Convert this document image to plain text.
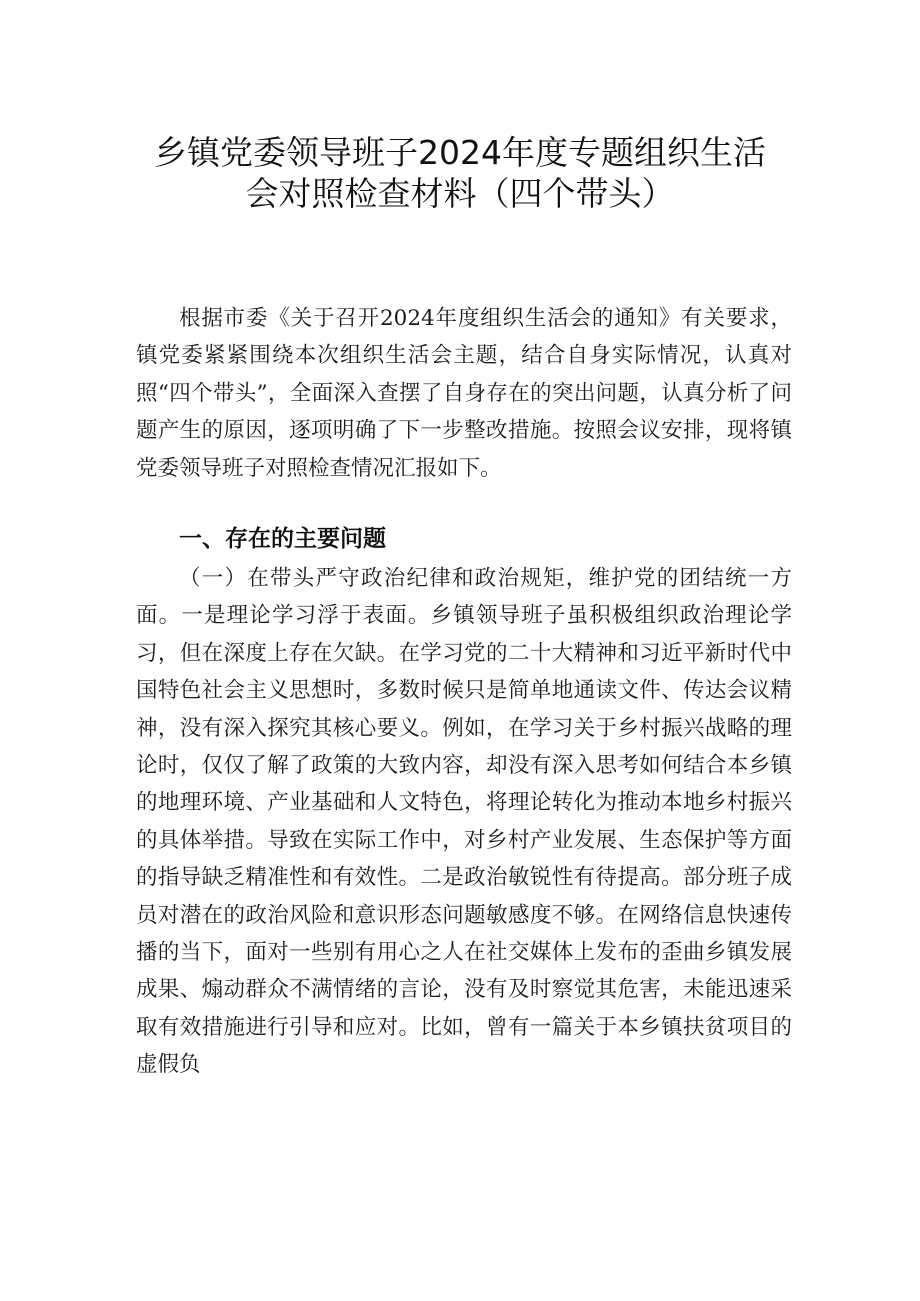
乡镇党委领导班子2024年度专题组织生活
会对照检查材料（四个带头）

根据市委《关于召开2024年度组织生活会的通知》有关要求，镇党委紧紧围绕本次组织生活会主题，结合自身实际情况，认真对照“四个带头”，全面深入查摆了自身存在的突出问题，认真分析了问题产生的原因，逐项明确了下一步整改措施。按照会议安排，现将镇党委领导班子对照检查情况汇报如下。

一、存在的主要问题

（一）在带头严守政治纪律和政治规矩，维护党的团结统一方面。一是理论学习浮于表面。乡镇领导班子虽积极组织政治理论学习，但在深度上存在欠缺。在学习党的二十大精神和习近平新时代中国特色社会主义思想时，多数时候只是简单地通读文件、传达会议精神，没有深入探究其核心要义。例如，在学习关于乡村振兴战略的理论时，仅仅了解了政策的大致内容，却没有深入思考如何结合本乡镇的地理环境、产业基础和人文特色，将理论转化为推动本地乡村振兴的具体举措。导致在实际工作中，对乡村产业发展、生态保护等方面的指导缺乏精准性和有效性。二是政治敏锐性有待提高。部分班子成员对潜在的政治风险和意识形态问题敏感度不够。在网络信息快速传播的当下，面对一些别有用心之人在社交媒体上发布的歪曲乡镇发展成果、煽动群众不满情绪的言论，没有及时察觉其危害，未能迅速采取有效措施进行引导和应对。比如，曾有一篇关于本乡镇扶贫项目的虚假负
